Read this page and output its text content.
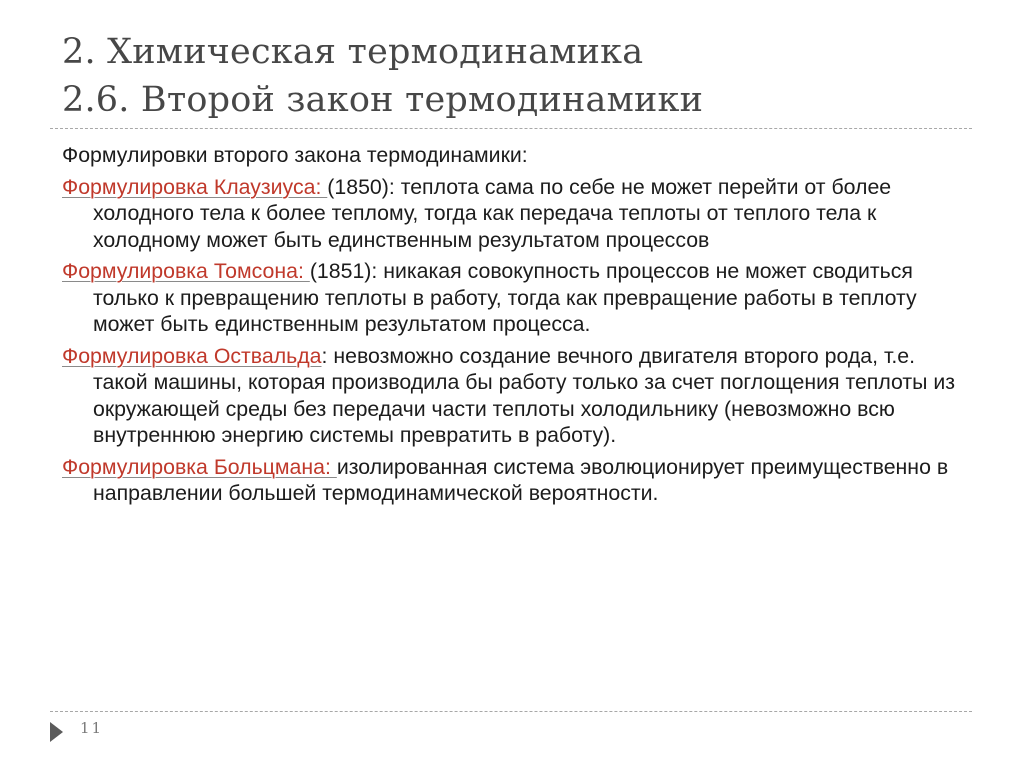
2. Химическая термодинамика
2.6. Второй закон термодинамики

Формулировки второго закона термодинамики:

Формулировка Клаузиуса: (1850): теплота сама по себе не может перейти от более холодного тела к более теплому, тогда как передача теплоты от теплого тела к холодному может быть единственным результатом процессов

Формулировка Томсона: (1851): никакая совокупность процессов не может сводиться только к превращению теплоты в работу, тогда как превращение работы в теплоту может быть единственным результатом процесса.

Формулировка Оствальда: невозможно создание вечного двигателя второго рода, т.е. такой машины, которая производила бы работу только за счет поглощения теплоты из окружающей среды без передачи части теплоты холодильнику (невозможно всю внутреннюю энергию системы превратить в работу).

Формулировка Больцмана: изолированная система эволюционирует преимущественно в направлении большей термодинамической вероятности.

11
